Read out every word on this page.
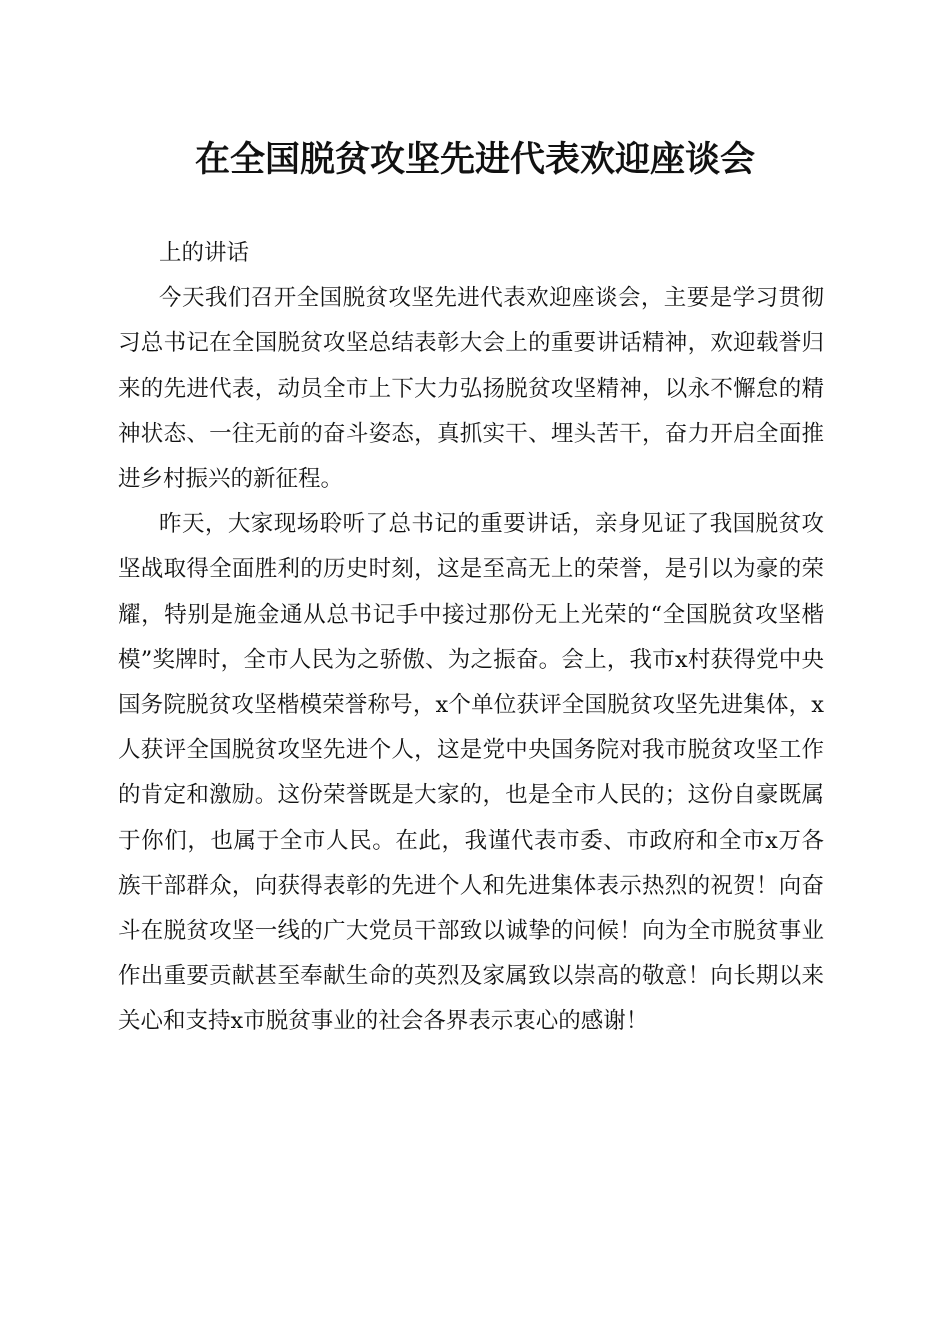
在全国脱贫攻坚先进代表欢迎座谈会

上的讲话

今天我们召开全国脱贫攻坚先进代表欢迎座谈会，主要是学习贯彻习总书记在全国脱贫攻坚总结表彰大会上的重要讲话精神，欢迎载誉归来的先进代表，动员全市上下大力弘扬脱贫攻坚精神，以永不懈怠的精神状态、一往无前的奋斗姿态，真抓实干、埋头苦干，奋力开启全面推进乡村振兴的新征程。

昨天，大家现场聆听了总书记的重要讲话，亲身见证了我国脱贫攻坚战取得全面胜利的历史时刻，这是至高无上的荣誉，是引以为豪的荣耀，特别是施金通从总书记手中接过那份无上光荣的“全国脱贫攻坚楷模”奖牌时，全市人民为之骄傲、为之振奋。会上，我市x村获得党中央国务院脱贫攻坚楷模荣誉称号，x个单位获评全国脱贫攻坚先进集体，x人获评全国脱贫攻坚先进个人，这是党中央国务院对我市脱贫攻坚工作的肯定和激励。这份荣誉既是大家的，也是全市人民的；这份自豪既属于你们，也属于全市人民。在此，我谨代表市委、市政府和全市x万各族干部群众，向获得表彰的先进个人和先进集体表示热烈的祝贺！向奋斗在脱贫攻坚一线的广大党员干部致以诚挚的问候！向为全市脱贫事业作出重要贡献甚至奉献生命的英烈及家属致以崇高的敬意！向长期以来关心和支持x市脱贫事业的社会各界表示衷心的感谢！
